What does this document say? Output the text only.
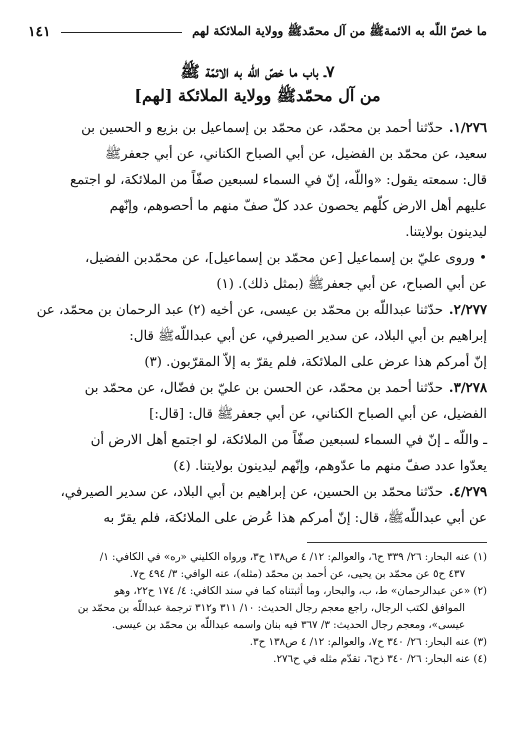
ما خصّ اللّه به الائمةﷺ من آل محمّدﷺ وولاية الملائكة لهم
١٤١
٧ـ باب ما خصّ اللّه به الائمّة ﷺ
من آل محمّدﷺ وولاية الملائكة [لهم]
١/٢٧٦.حدّثنا أحمد بن محمّد، عن محمّد بن إسماعيل بن بزيع و الحسين بن
سعيد، عن محمّد بن الفضيل، عن أبي الصباح الكناني، عن أبي جعفرﷺ
قال: سمعته يقول: «واللّه، إنّ في السماء لسبعين صفّاً من الملائكة، لو اجتمع
عليهم أهل الارض كلّهم يحصون عدد كلّ صفّ منهم ما أحصوهم، وإنّهم
ليدينون بولايتنا.
• وروى عليّ بن إسماعيل [عن محمّد بن إسماعيل]، عن محمّدبن الفضيل،
عن أبي الصباح، عن أبي جعفرﷺ (بمثل ذلك). (١)
٢/٢٧٧.حدّثنا عبداللّه بن محمّد بن عيسى، عن أخيه (٢) عبد الرحمان بن محمّد، عن
إبراهيم بن أبي البلاد، عن سدير الصيرفي، عن أبي عبداللّهﷺ قال:
إنّ أمركم هذا عرض على الملائكة، فلم يقرّ به إلاّ المقرّبون. (٣)
٣/٢٧٨.حدّثنا أحمد بن محمّد، عن الحسن بن عليّ بن فضّال، عن محمّد بن
الفضيل، عن أبي الصباح الكناني، عن أبي جعفرﷺ قال: [قال:]
ـ واللّه ـ إنّ في السماء لسبعين صفّاً من الملائكة، لو اجتمع أهل الارض أن
يعدّوا عدد صفّ منهم ما عدّوهم، وإنّهم ليدينون بولايتنا. (٤)
٤/٢٧٩.حدّثنا محمّد بن الحسين، عن إبراهيم بن أبي البلاد، عن سدير الصيرفي،
عن أبي عبداللّهﷺ، قال: إنّ أمركم هذا عُرض على الملائكة، فلم يقرّ به
(١) عنه البحار: ٢٦/ ٣٣٩ ح٦، والعوالم: ١٢/ ٤ ص١٣٨ ح٣، ورواه الكليني «ره» في الكافي: ١/
٤٣٧ ح٥ عن محمّد بن يحيى، عن أحمد بن محمّد (مثله)، عنه الوافي: ٣/ ٤٩٤ ح٧.
(٢) «عن عبدالرحمان» ط، ب، والبحار، وما أثبتناه كما في سند الكافي: ٤/ ١٧٤ ح٢٢، وهو
الموافق لكتب الرجال، راجع معجم رجال الحديث: ١٠/ ٣١١ و٣١٢ ترجمة عبداللّه بن محمّد بن
عيسى»، ومعجم رجال الحديث: ٣/ ٣٦٧ فيه بنان واسمه عبداللّه بن محمّد بن عيسى.
(٣) عنه البحار: ٢٦/ ٣٤٠ ح٧، والعوالم: ١٢/ ٤ ص١٣٨ ح٣.
(٤) عنه البحار: ٢٦/ ٣٤٠ ذح٦، تقدّم مثله في ح٢٧٦.
